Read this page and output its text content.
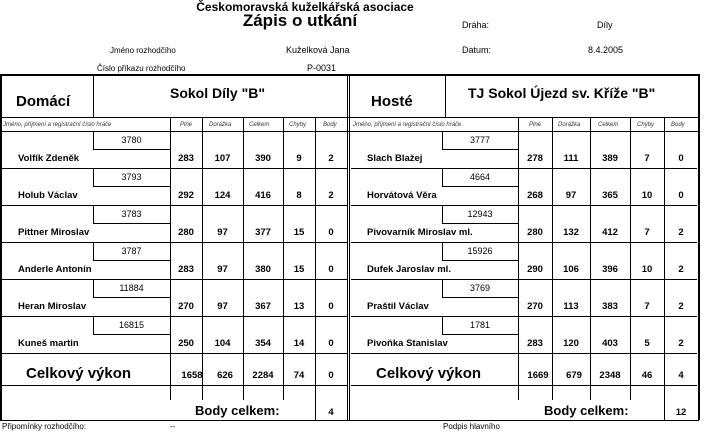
Českomoravská kuželkářská asociace
Zápis o utkání	Dráha:	Díly
Jméno rozhodčího	Kuželková Jana	Datum:	8.4.2005
Číslo příkazu rozhodčího	P-0031
Domácí	Sokol Díly "B"	Hosté	TJ Sokol Újezd sv. Kříže "B"
Jméno, příjmení a registrační číslo hráče	Plné	Dorážka	Celkem	Chyby	Body	Jméno, příjmení a registrační číslo hráče	Plné	Dorážka	Celkem	Chyby	Body
3780
Volfík Zdeněk	283	107	390	9	2
3793
Holub Václav	292	124	416	8	2
3783
Pittner Miroslav	280	97	377	15	0
3787
Anderle Antonín	283	97	380	15	0
11884
Heran Miroslav	270	97	367	13	0
16815
Kuneš martin	250	104	354	14	0
3777
Slach Blažej	278	111	389	7	0
4664
Horvátová Věra	268	97	365	10	0
12943
Pivovarník Miroslav ml.	280	132	412	7	2
15926
Dufek Jaroslav ml.	290	106	396	10	2
3769
Praštil Václav	270	113	383	7	2
1781
Pivoňka Stanislav	283	120	403	5	2
Celkový výkon	1658	626	2284	74	0	Celkový výkon	1669	679	2348	46	4
Body celkem:	4	Body celkem:	12
Připomínky rozhodčího:	--	Podpis hlavního
